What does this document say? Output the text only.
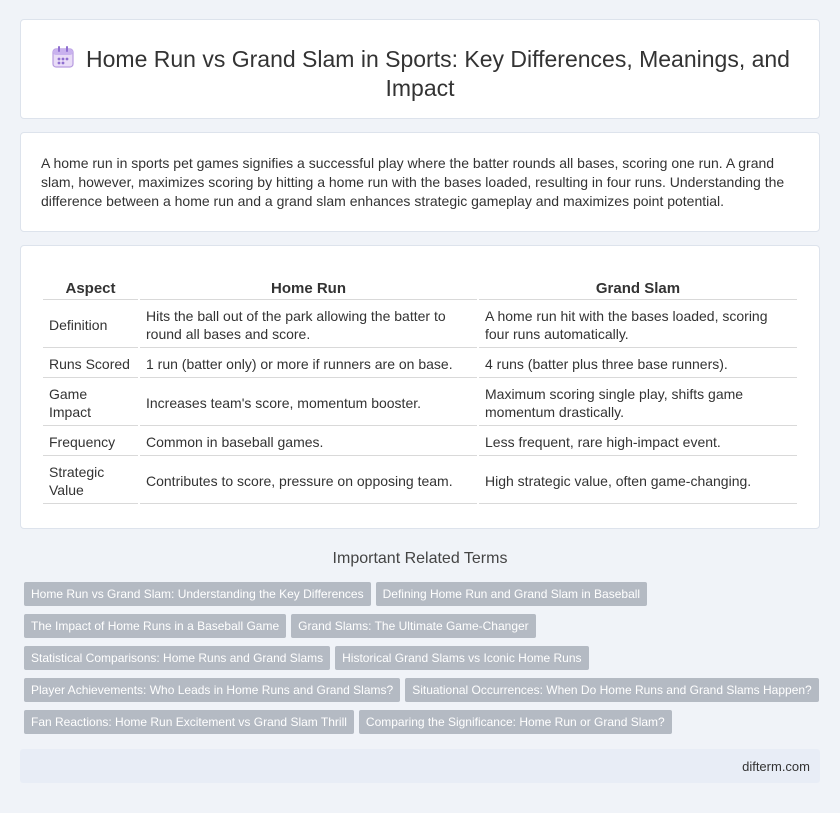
Home Run vs Grand Slam in Sports: Key Differences, Meanings, and Impact

A home run in sports pet games signifies a successful play where the batter rounds all bases, scoring one run. A grand slam, however, maximizes scoring by hitting a home run with the bases loaded, resulting in four runs. Understanding the difference between a home run and a grand slam enhances strategic gameplay and maximizes point potential.

Aspect	Home Run	Grand Slam
Definition	Hits the ball out of the park allowing the batter to round all bases and score.	A home run hit with the bases loaded, scoring four runs automatically.
Runs Scored	1 run (batter only) or more if runners are on base.	4 runs (batter plus three base runners).
Game Impact	Increases team's score, momentum booster.	Maximum scoring single play, shifts game momentum drastically.
Frequency	Common in baseball games.	Less frequent, rare high-impact event.
Strategic Value	Contributes to score, pressure on opposing team.	High strategic value, often game-changing.
Important Related Terms
Home Run vs Grand Slam: Understanding the Key Differences Defining Home Run and Grand Slam in Baseball
The Impact of Home Runs in a Baseball Game Grand Slams: The Ultimate Game-Changer
Statistical Comparisons: Home Runs and Grand Slams Historical Grand Slams vs Iconic Home Runs
Player Achievements: Who Leads in Home Runs and Grand Slams? Situational Occurrences: When Do Home Runs and Grand Slams Happen?
Fan Reactions: Home Run Excitement vs Grand Slam Thrill Comparing the Significance: Home Run or Grand Slam?
difterm.com
